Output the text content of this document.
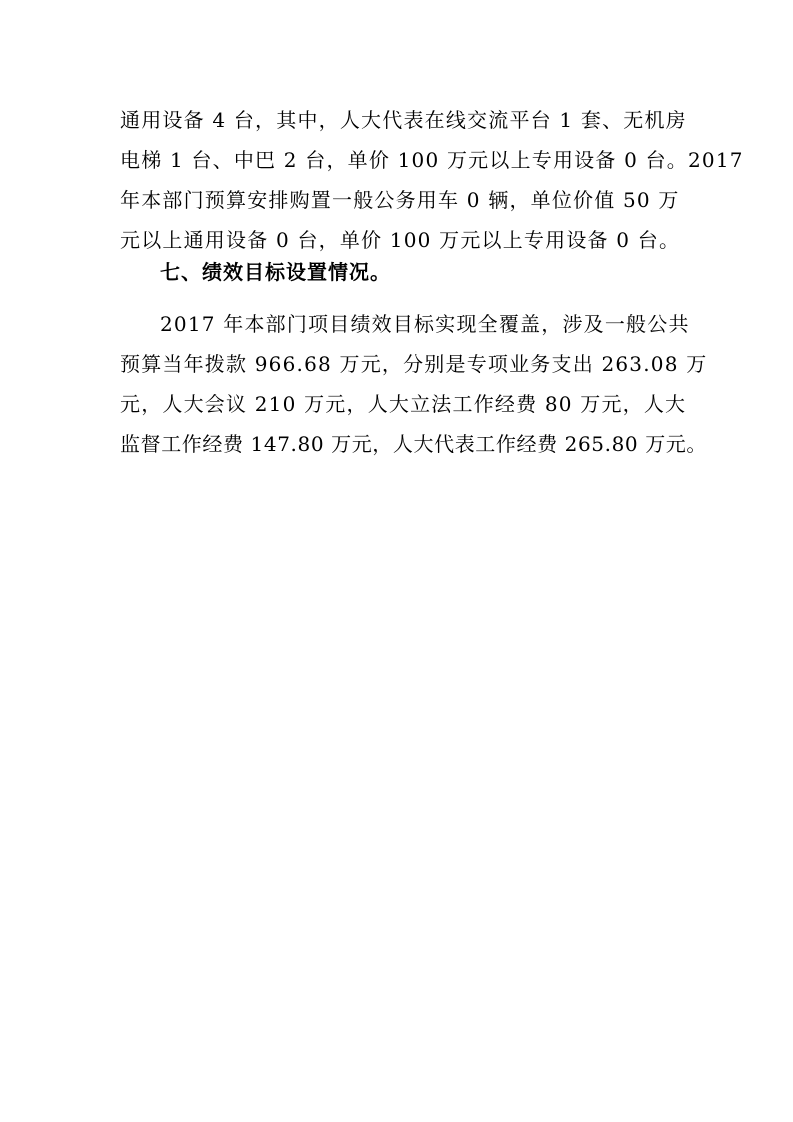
通用设备 4 台，其中，人大代表在线交流平台 1 套、无机房
电梯 1 台、中巴 2 台，单价 100 万元以上专用设备 0 台。2017
年本部门预算安排购置一般公务用车 0 辆，单位价值 50 万
元以上通用设备 0 台，单价 100 万元以上专用设备 0 台。
七、绩效目标设置情况。
2017 年本部门项目绩效目标实现全覆盖，涉及一般公共
预算当年拨款 966.68 万元，分别是专项业务支出 263.08 万
元，人大会议 210 万元，人大立法工作经费 80 万元，人大
监督工作经费 147.80 万元，人大代表工作经费 265.80 万元。
